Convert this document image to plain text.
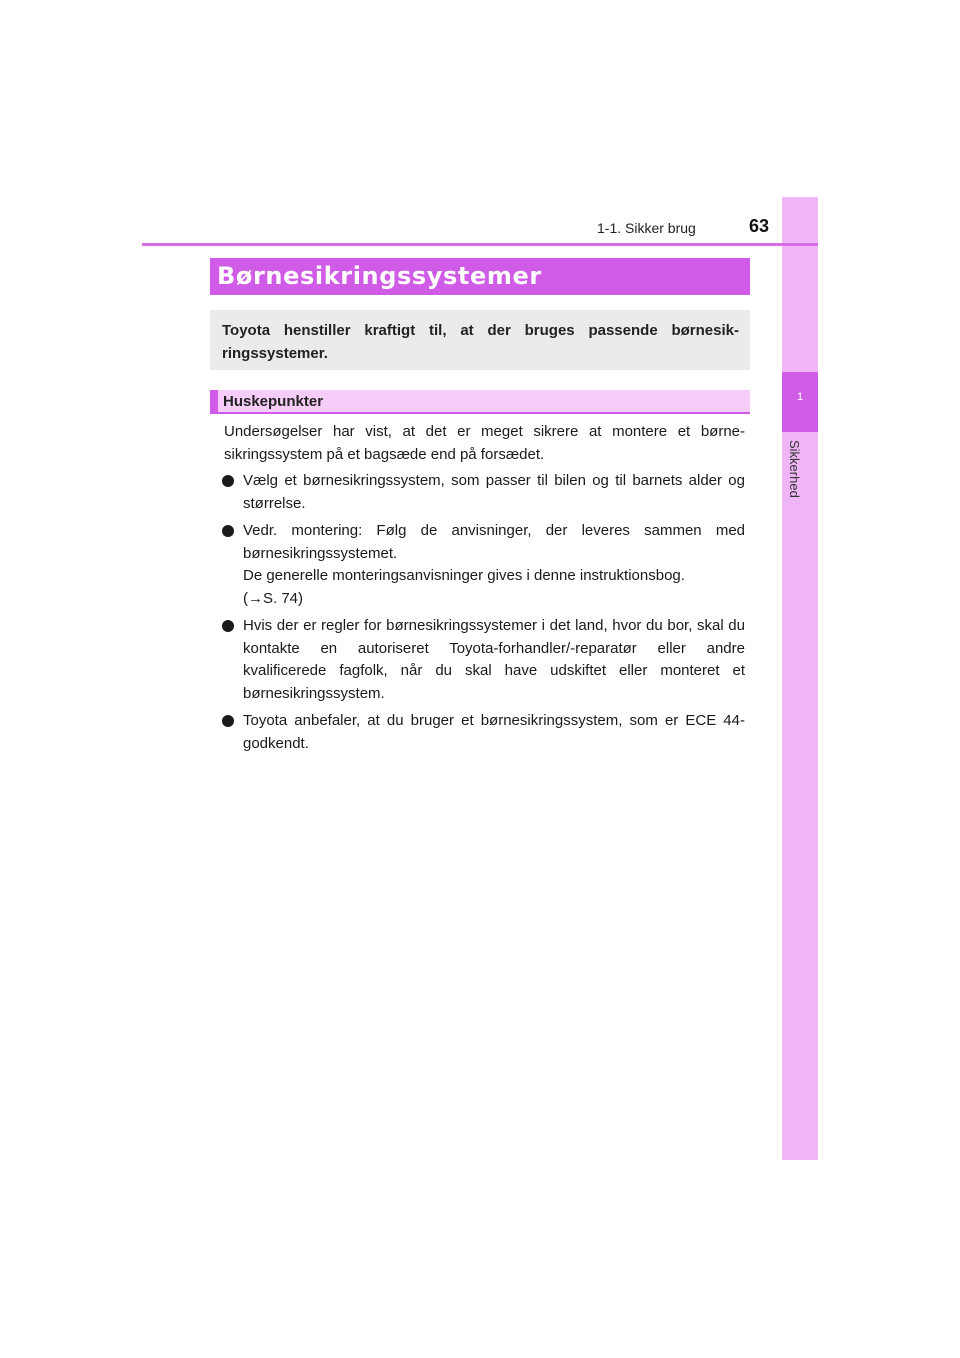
1
Sikkerhed
1-1. Sikker brug	63
Børnesikringssystemer
Toyota henstiller kraftigt til, at der bruges passende børnesik-ringssystemer.
Huskepunkter
Undersøgelser har vist, at det er meget sikrere at montere et børne-sikringssystem på et bagsæde end på forsædet.
Vælg et børnesikringssystem, som passer til bilen og til barnets alder og størrelse.
Vedr. montering: Følg de anvisninger, der leveres sammen med børnesikringssystemet.
De generelle monteringsanvisninger gives i denne instruktionsbog.
(→S. 74)
Hvis der er regler for børnesikringssystemer i det land, hvor du bor, skal du kontakte en autoriseret Toyota-forhandler/-reparatør eller andre kvalificerede fagfolk, når du skal have udskiftet eller monteret et børnesikringssystem.
Toyota anbefaler, at du bruger et børnesikringssystem, som er ECE 44-godkendt.
